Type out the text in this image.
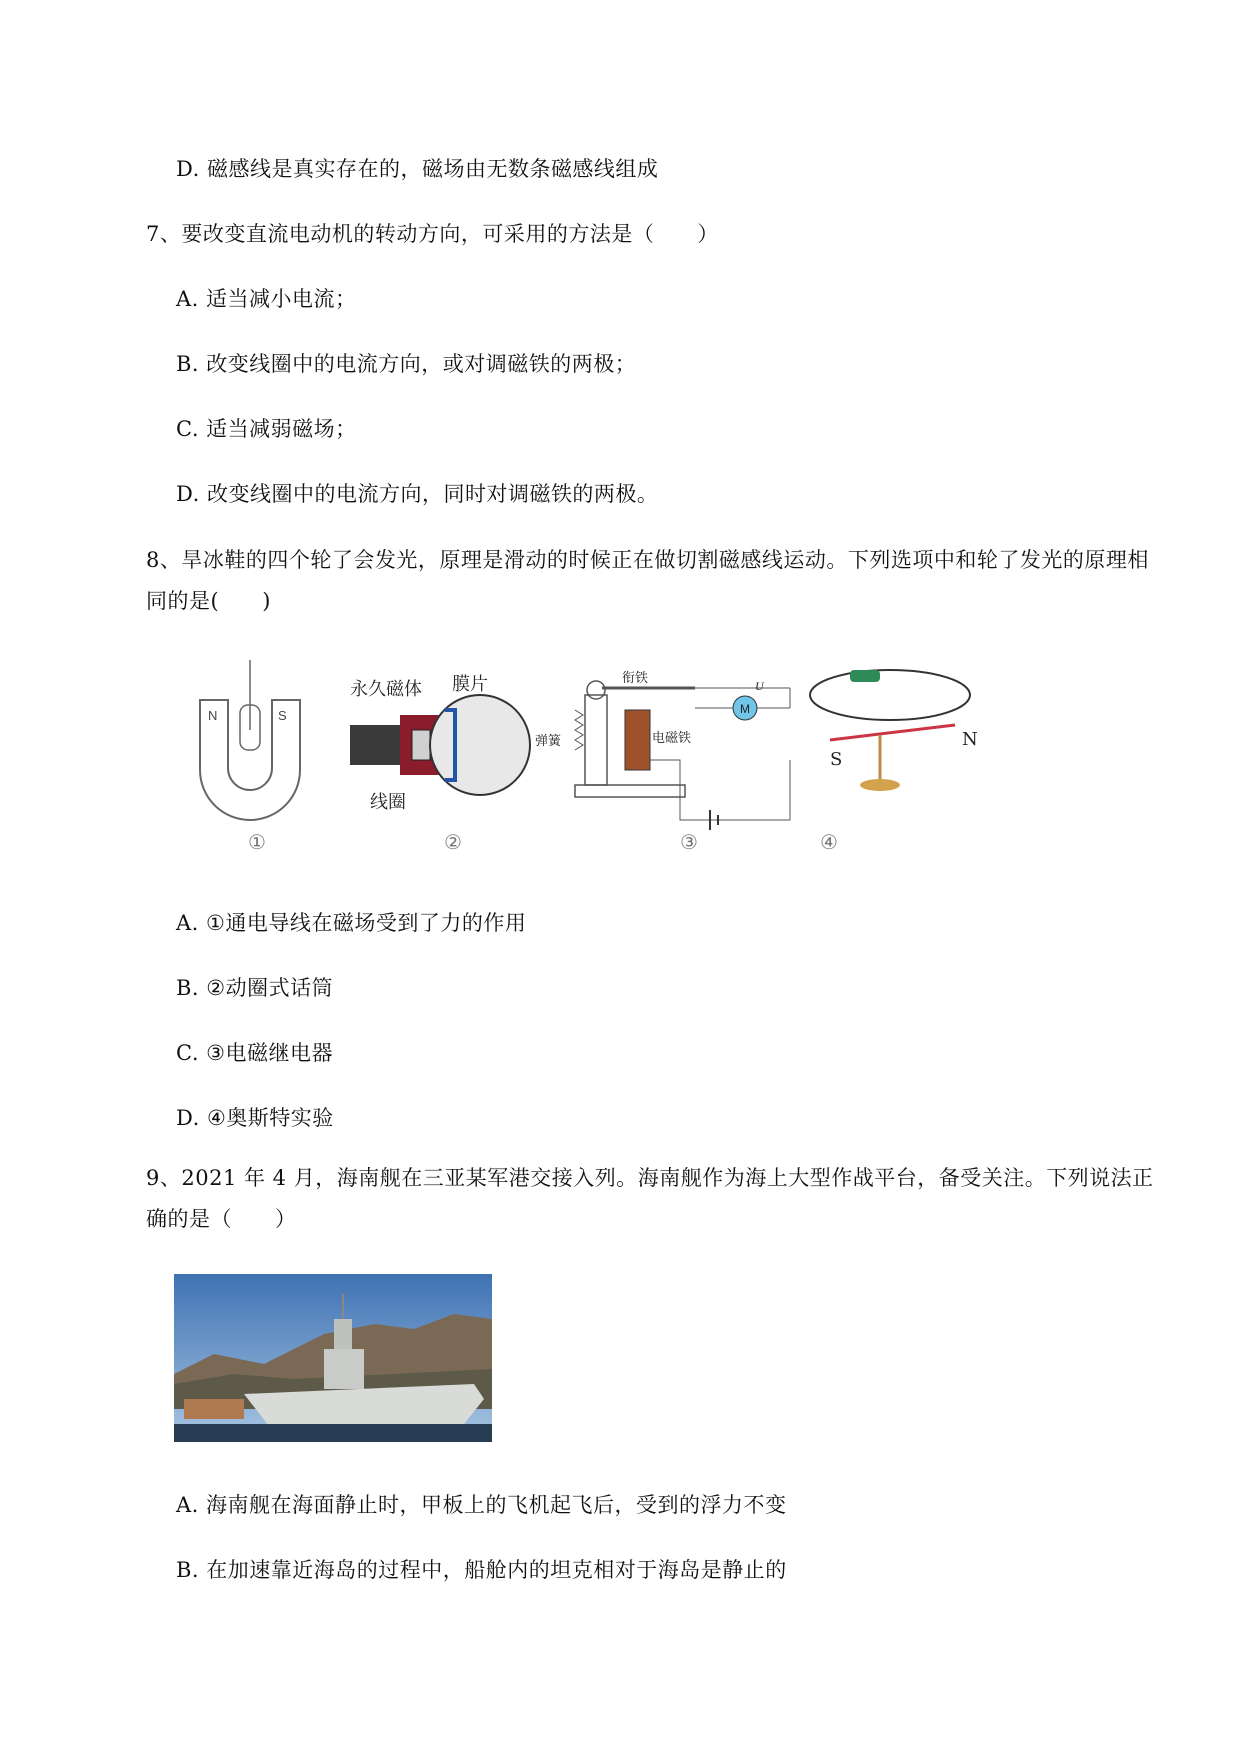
D. 磁感线是真实存在的，磁场由无数条磁感线组成
7、要改变直流电动机的转动方向，可采用的方法是（　　）
A. 适当减小电流；
B. 改变线圈中的电流方向，或对调磁铁的两极；
C. 适当减弱磁场；
D. 改变线圈中的电流方向，同时对调磁铁的两极。
8、旱冰鞋的四个轮了会发光，原理是滑动的时候正在做切割磁感线运动。下列选项中和轮了发光的原理相同的是(　　)
N	S
永久磁体 膜片
线圈
M
U
衔铁
弹簧	电磁铁
S
N
①	②	③	④
A. ①通电导线在磁场受到了力的作用
B. ②动圈式话筒
C. ③电磁继电器
D. ④奥斯特实验
9、2021 年 4 月，海南舰在三亚某军港交接入列。海南舰作为海上大型作战平台，备受关注。下列说法正确的是（　　）
A. 海南舰在海面静止时，甲板上的飞机起飞后，受到的浮力不变
B. 在加速靠近海岛的过程中，船舱内的坦克相对于海岛是静止的
